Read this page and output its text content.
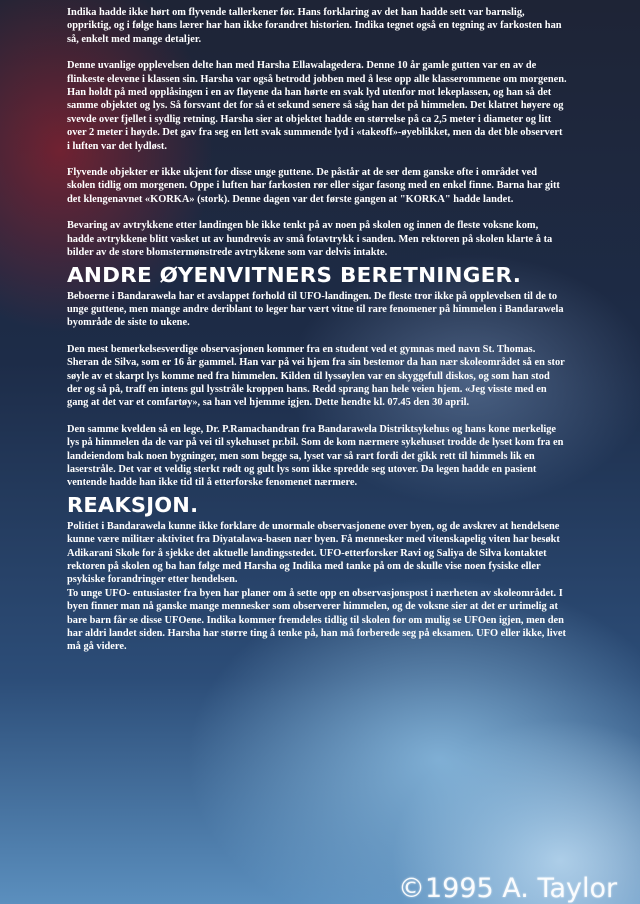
Indika hadde ikke hørt om flyvende tallerkener før. Hans forklaring av det han hadde sett var barnslig, oppriktig, og i følge hans lærer har han ikke forandret historien. Indika tegnet også en tegning av farkosten han så, enkelt med mange detaljer.

Denne uvanlige opplevelsen delte han med Harsha Ellawalagedera. Denne 10 år gamle gutten var en av de flinkeste elevene i klassen sin. Harsha var også betrodd jobben med å lese opp alle klasserommene om morgenen. Han holdt på med opplåsingen i en av fløyene da han hørte en svak lyd utenfor mot lekeplassen, og han så det samme objektet og lys. Så forsvant det for så et sekund senere så såg han det på himmelen. Det klatret høyere og svevde over fjellet i sydlig retning. Harsha sier at objektet hadde en størrelse på ca 2,5 meter i diameter og litt over 2 meter i høyde. Det gav fra seg en lett svak summende lyd i «takeoff»-øyeblikket, men da det ble observert i luften var det lydløst.

Flyvende objekter er ikke ukjent for disse unge guttene. De påstår at de ser dem ganske ofte i området ved skolen tidlig om morgenen. Oppe i luften har farkosten rør eller sigar fasong med en enkel finne. Barna har gitt det klengenavnet «KORKA» (stork). Denne dagen var det første gangen at "KORKA" hadde landet.

Bevaring av avtrykkene etter landingen ble ikke tenkt på av noen på skolen og innen de fleste voksne kom, hadde avtrykkene blitt vasket ut av hundrevis av små fotavtrykk i sanden. Men rektoren på skolen klarte å ta bilder av de store blomstermønstrede avtrykkene som var delvis intakte.

ANDRE ØYENVITNERS BERETNINGER.

Beboerne i Bandarawela har et avslappet forhold til UFO-landingen. De fleste tror ikke på opplevelsen til de to unge guttene, men mange andre deriblant to leger har vært vitne til rare fenomener på himmelen i Bandarawela byområde de siste to ukene.

Den mest bemerkelsesverdige observasjonen kommer fra en student ved et gymnas med navn St. Thomas. Sheran de Silva, som er 16 år gammel. Han var på vei hjem fra sin bestemor da han nær skoleområdet så en stor søyle av et skarpt lys komme ned fra himmelen. Kilden til lyssøylen var en skyggefull diskos, og som han stod der og så på, traff en intens gul lysstråle kroppen hans. Redd sprang han hele veien hjem. «Jeg visste med en gang at det var et comfartøy», sa han vel hjemme igjen. Dette hendte kl. 07.45 den 30 april.

Den samme kvelden så en lege, Dr. P.Ramachandran fra Bandarawela Distriktsykehus og hans kone merkelige lys på himmelen da de var på vei til sykehuset pr.bil. Som de kom nærmere sykehuset trodde de lyset kom fra en landeiendom bak noen bygninger, men som begge sa, lyset var så rart fordi det gikk rett til himmels lik en laserstråle. Det var et veldig sterkt rødt og gult lys som ikke spredde seg utover. Da legen hadde en pasient ventende hadde han ikke tid til å etterforske fenomenet nærmere.

REAKSJON.

Politiet i Bandarawela kunne ikke forklare de unormale observasjonene over byen, og de avskrev at hendelsene kunne være militær aktivitet fra Diyatalawa-basen nær byen. Få mennesker med vitenskapelig viten har besøkt Adikarani Skole for å sjekke det aktuelle landingsstedet. UFO-etterforsker Ravi og Saliya de Silva kontaktet rektoren på skolen og ba han følge med Harsha og Indika med tanke på om de skulle vise noen fysiske eller psykiske forandringer etter hendelsen.

To unge UFO- entusiaster fra byen har planer om å sette opp en observasjonspost i nærheten av skoleområdet. I byen finner man nå ganske mange mennesker som observerer himmelen, og de voksne sier at det er urimelig at bare barn får se disse UFOene. Indika kommer fremdeles tidlig til skolen for om mulig se UFOen igjen, men den har aldri landet siden. Harsha har større ting å tenke på, han må forberede seg på eksamen. UFO eller ikke, livet må gå videre.

©1995 A. Taylor
